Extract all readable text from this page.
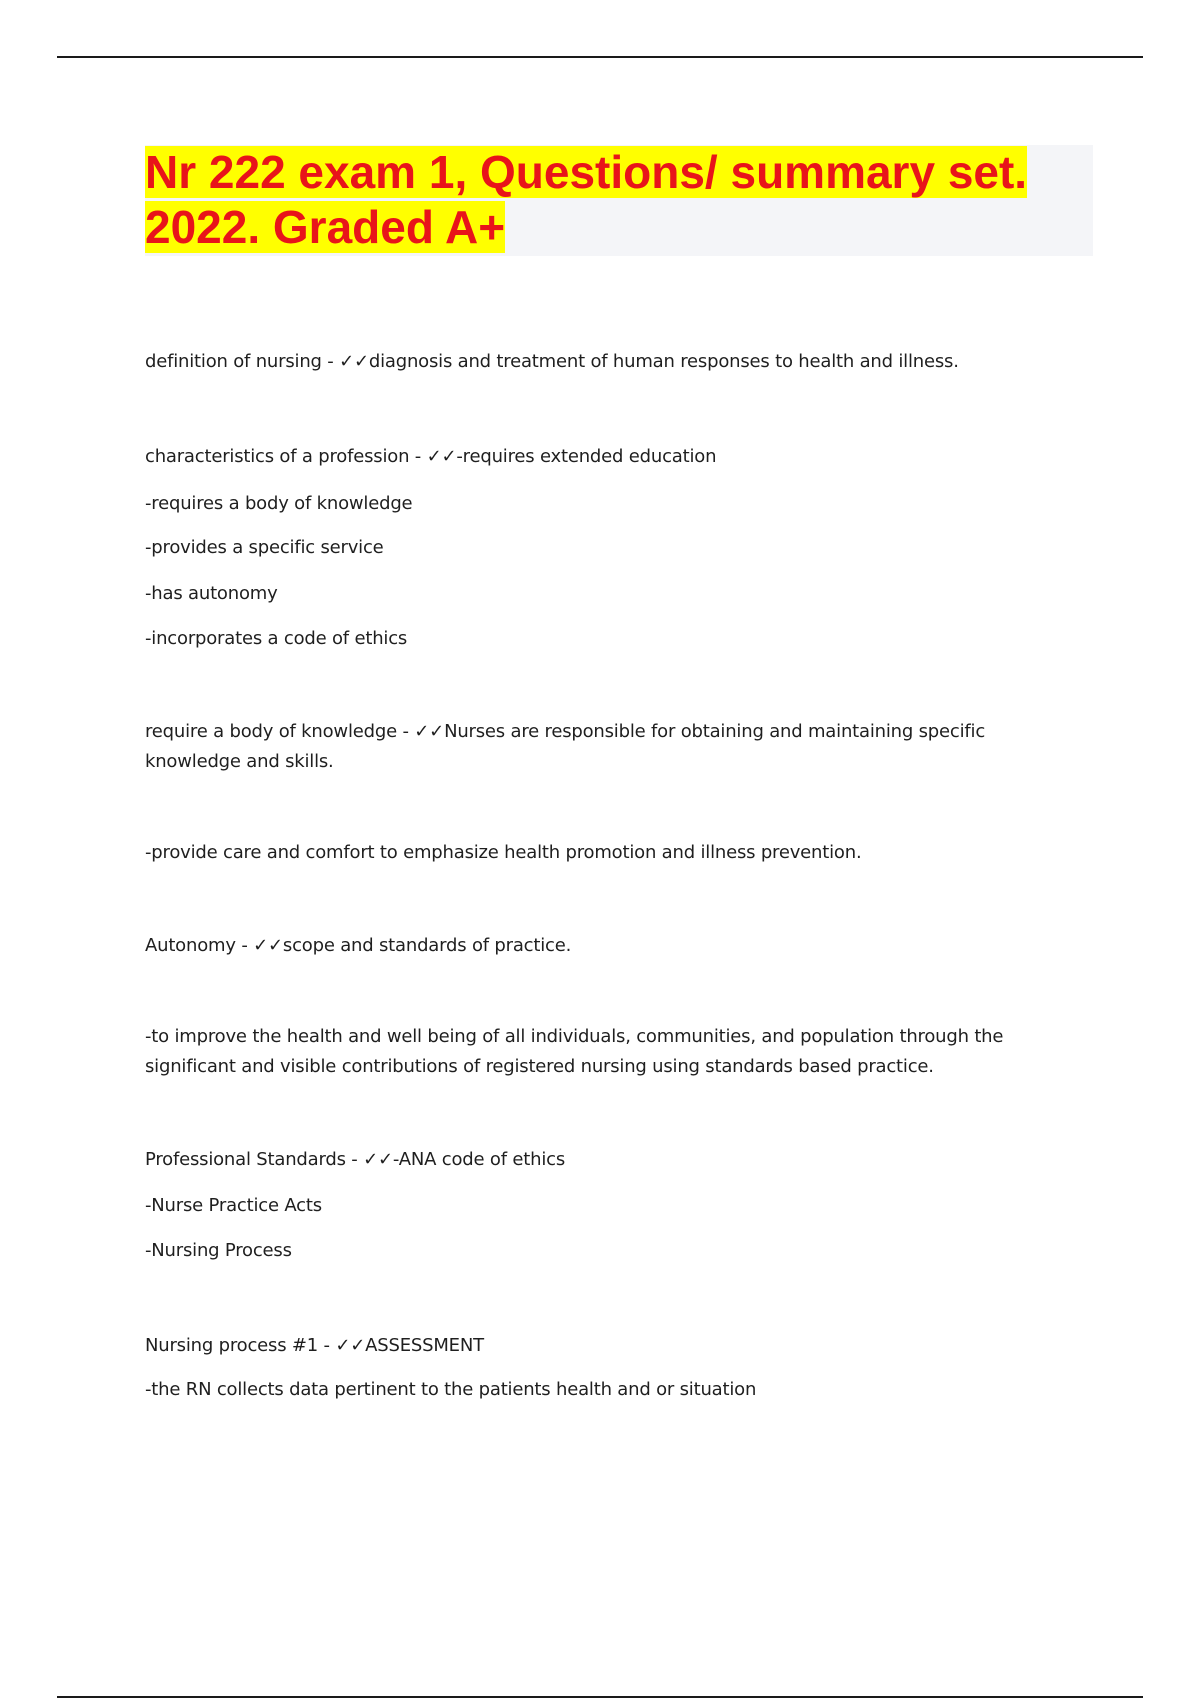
Nr 222 exam 1, Questions/ summary set. 2022. Graded A+

definition of nursing - ✓✓diagnosis and treatment of human responses to health and illness.

characteristics of a profession - ✓✓-requires extended education

-requires a body of knowledge

-provides a specific service

-has autonomy

-incorporates a code of ethics

require a body of knowledge - ✓✓Nurses are responsible for obtaining and maintaining specific knowledge and skills.

-provide care and comfort to emphasize health promotion and illness prevention.

Autonomy - ✓✓scope and standards of practice.

-to improve the health and well being of all individuals, communities, and population through the significant and visible contributions of registered nursing using standards based practice.

Professional Standards - ✓✓-ANA code of ethics

-Nurse Practice Acts

-Nursing Process

Nursing process #1 - ✓✓ASSESSMENT

-the RN collects data pertinent to the patients health and or situation
